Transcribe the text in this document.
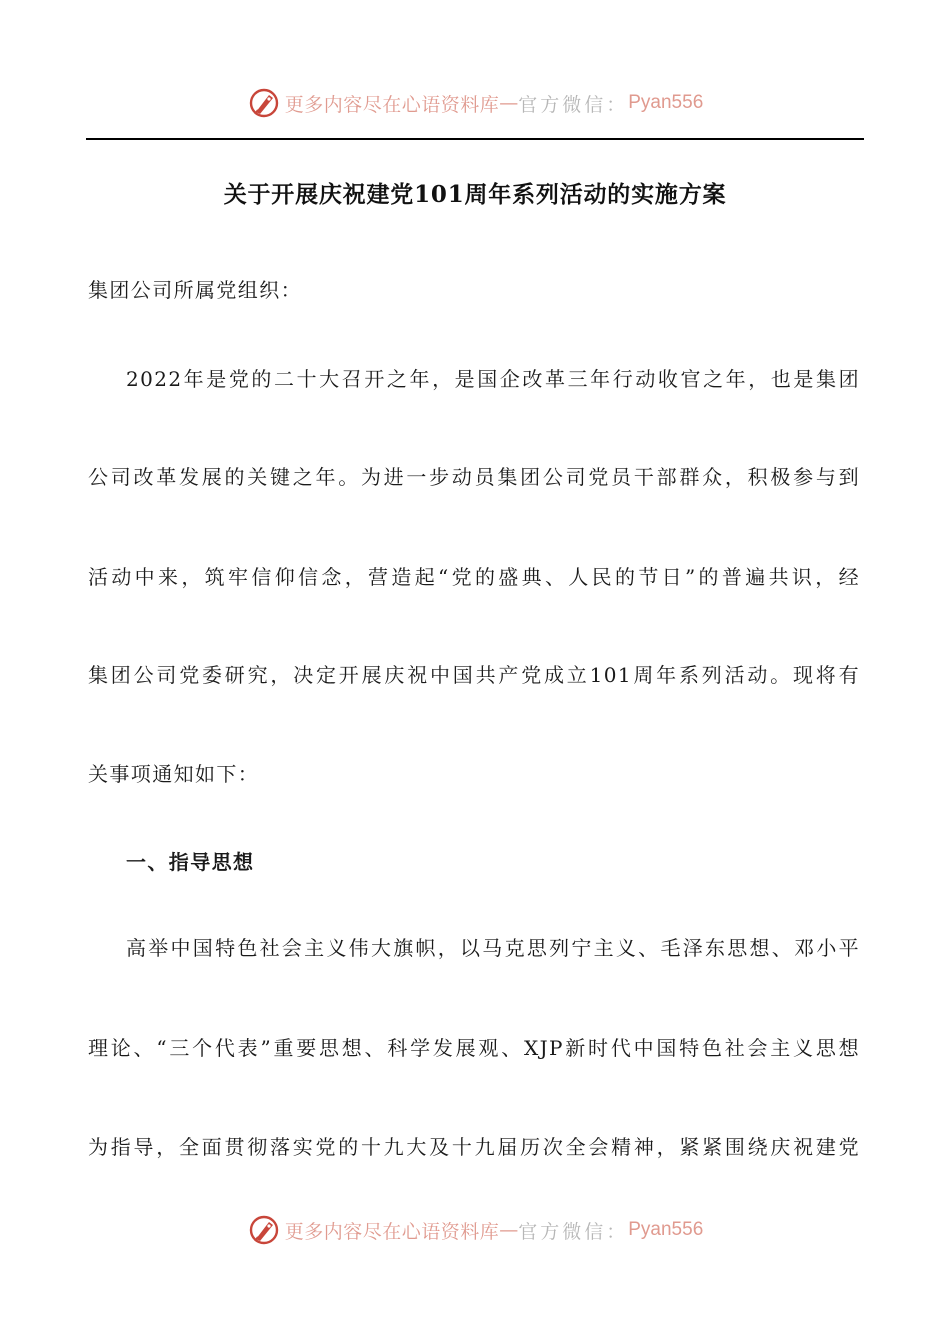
更多内容尽在心语资料库 — 官方微信： Pyan556
关于开展庆祝建党101周年系列活动的实施方案
集团公司所属党组织：
2022年是党的二十大召开之年，是国企改革三年行动收官之年，也是集团
公司改革发展的关键之年。为进一步动员集团公司党员干部群众，积极参与到
活动中来，筑牢信仰信念，营造起“党的盛典、人民的节日”的普遍共识，经
集团公司党委研究，决定开展庆祝中国共产党成立101周年系列活动。现将有
关事项通知如下：
一、指导思想
高举中国特色社会主义伟大旗帜，以马克思列宁主义、毛泽东思想、邓小平
理论、“三个代表”重要思想、科学发展观、XJP新时代中国特色社会主义思想
为指导，全面贯彻落实党的十九大及十九届历次全会精神，紧紧围绕庆祝建党
更多内容尽在心语资料库 — 官方微信： Pyan556
